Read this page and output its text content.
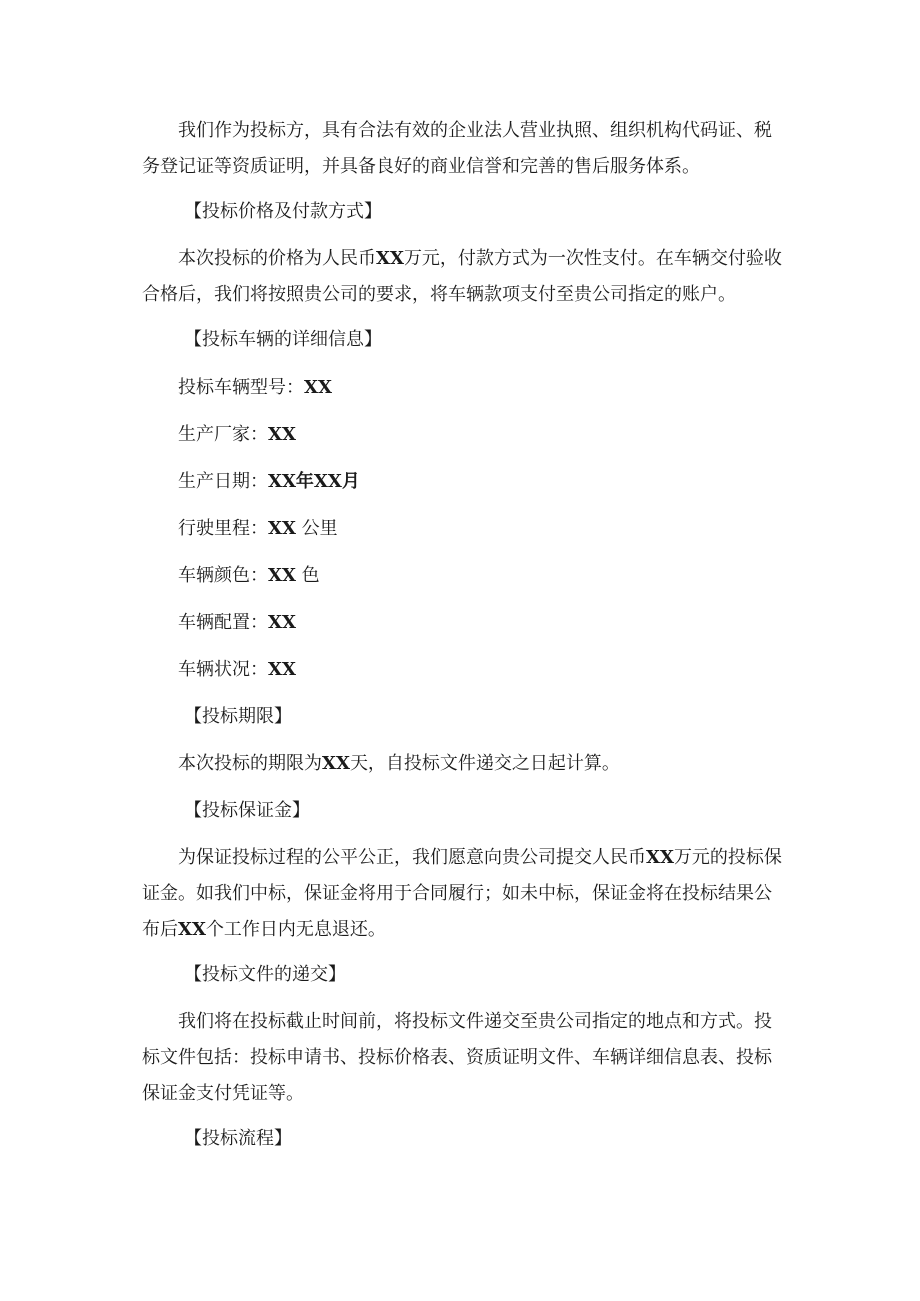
我们作为投标方，具有合法有效的企业法人营业执照、组织机构代码证、税务登记证等资质证明，并具备良好的商业信誉和完善的售后服务体系。

【投标价格及付款方式】

本次投标的价格为人民币XX万元，付款方式为一次性支付。在车辆交付验收合格后，我们将按照贵公司的要求，将车辆款项支付至贵公司指定的账户。

【投标车辆的详细信息】

投标车辆型号：XX

生产厂家：XX

生产日期：XX年XX月

行驶里程：XX 公里

车辆颜色：XX 色

车辆配置：XX

车辆状况：XX

【投标期限】

本次投标的期限为XX天，自投标文件递交之日起计算。

【投标保证金】

为保证投标过程的公平公正，我们愿意向贵公司提交人民币XX万元的投标保证金。如我们中标，保证金将用于合同履行；如未中标，保证金将在投标结果公布后XX个工作日内无息退还。

【投标文件的递交】

我们将在投标截止时间前，将投标文件递交至贵公司指定的地点和方式。投标文件包括：投标申请书、投标价格表、资质证明文件、车辆详细信息表、投标保证金支付凭证等。

【投标流程】
